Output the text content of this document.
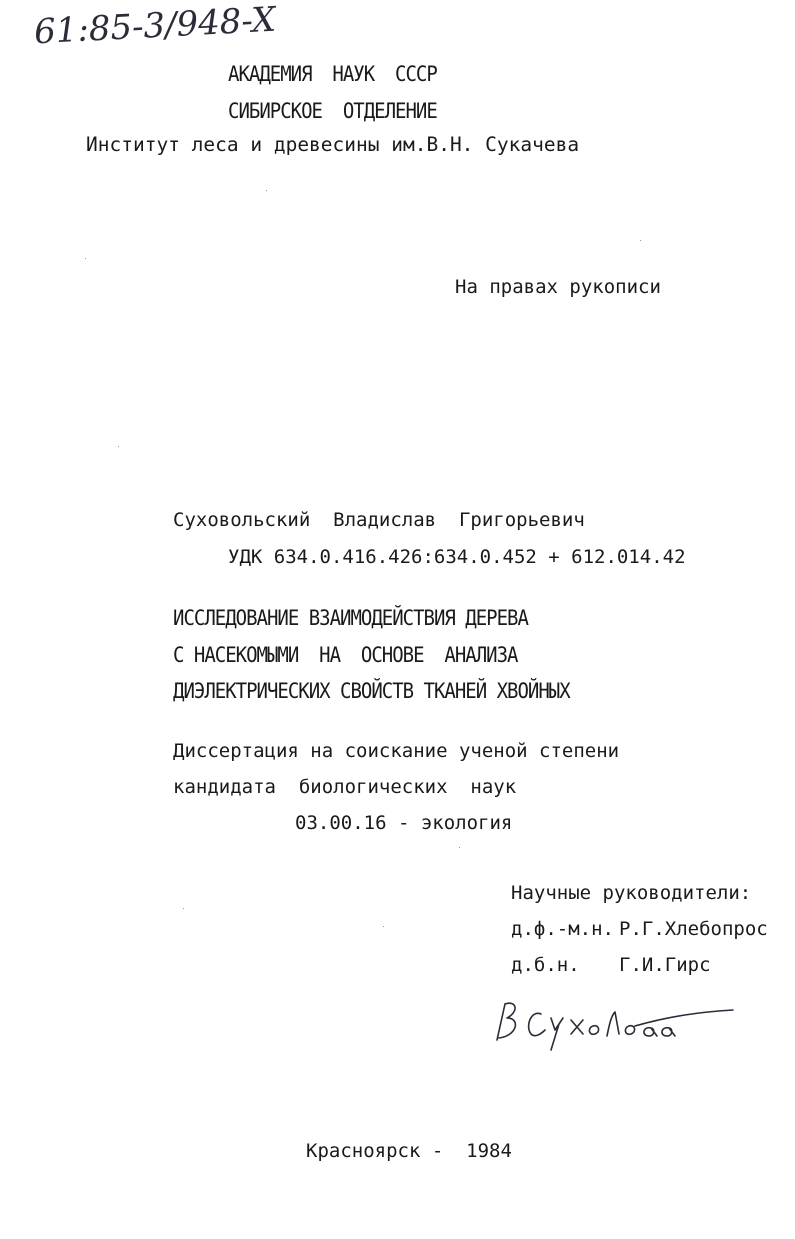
61:85-3/948-X
АКАДЕМИЯ  НАУК  СССР
СИБИРСКОЕ  ОТДЕЛЕНИЕ
Институт леса и древесины им.В.Н. Сукачева
На правах рукописи
Суховольский  Владислав  Григорьевич
УДК 634.0.416.426:634.0.452 + 612.014.42
ИССЛЕДОВАНИЕ ВЗАИМОДЕЙСТВИЯ ДЕРЕВА
С НАСЕКОМЫМИ  НА  ОСНОВЕ  АНАЛИЗА
ДИЭЛЕКТРИЧЕСКИХ СВОЙСТВ ТКАНЕЙ ХВОЙНЫХ
Диссертация на соискание ученой степени
кандидата  биологических  наук
03.00.16 - экология
Научные руководители:
д.ф.-м.н. Р.Г.Хлебопрос
д.б.н. Г.И.Гирс
Красноярск -  1984
